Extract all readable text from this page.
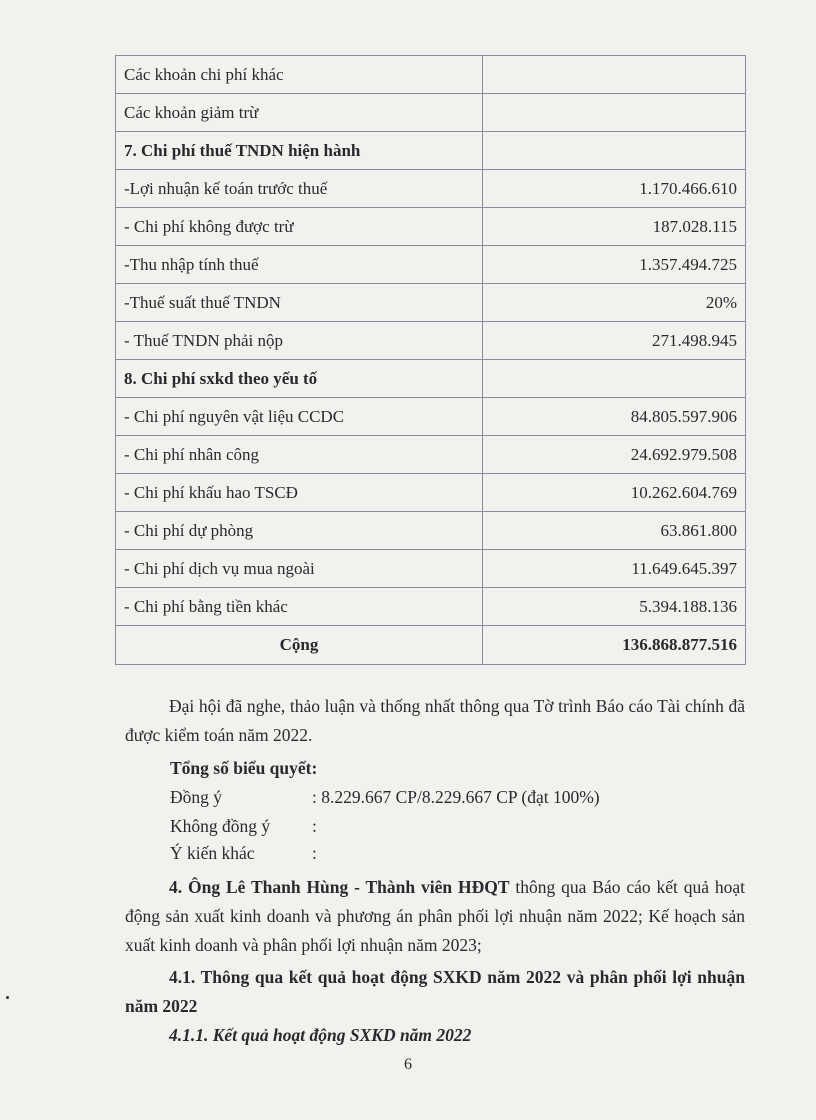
Các khoản chi phí khác	
Các khoản giảm trừ	
7. Chi phí thuế TNDN hiện hành	
-Lợi nhuận kế toán trước thuế	1.170.466.610
- Chi phí không được trừ	187.028.115
-Thu nhập tính thuế	1.357.494.725
-Thuế suất thuế TNDN	20%
- Thuế TNDN phải nộp	271.498.945
8. Chi phí sxkd theo yếu tố	
- Chi phí nguyên vật liệu CCDC	84.805.597.906
- Chi phí nhân công	24.692.979.508
- Chi phí khấu hao TSCĐ	10.262.604.769
- Chi phí dự phòng	63.861.800
- Chi phí dịch vụ mua ngoài	11.649.645.397
- Chi phí bằng tiền khác	5.394.188.136
Cộng	136.868.877.516
Đại hội đã nghe, thảo luận và thống nhất thông qua Tờ trình Báo cáo Tài chính đã được kiểm toán năm 2022.
Tổng số biểu quyết:
Đồng ý	: 8.229.667 CP/8.229.667 CP (đạt 100%)
Không đồng ý :
Ý kiến khác	:
4. Ông Lê Thanh Hùng - Thành viên HĐQT thông qua Báo cáo kết quả hoạt động sản xuất kinh doanh và phương án phân phối lợi nhuận năm 2022; Kế hoạch sản xuất kinh doanh và phân phối lợi nhuận năm 2023;
4.1. Thông qua kết quả hoạt động SXKD năm 2022 và phân phối lợi nhuận năm 2022
4.1.1. Kết quả hoạt động SXKD năm 2022
6
